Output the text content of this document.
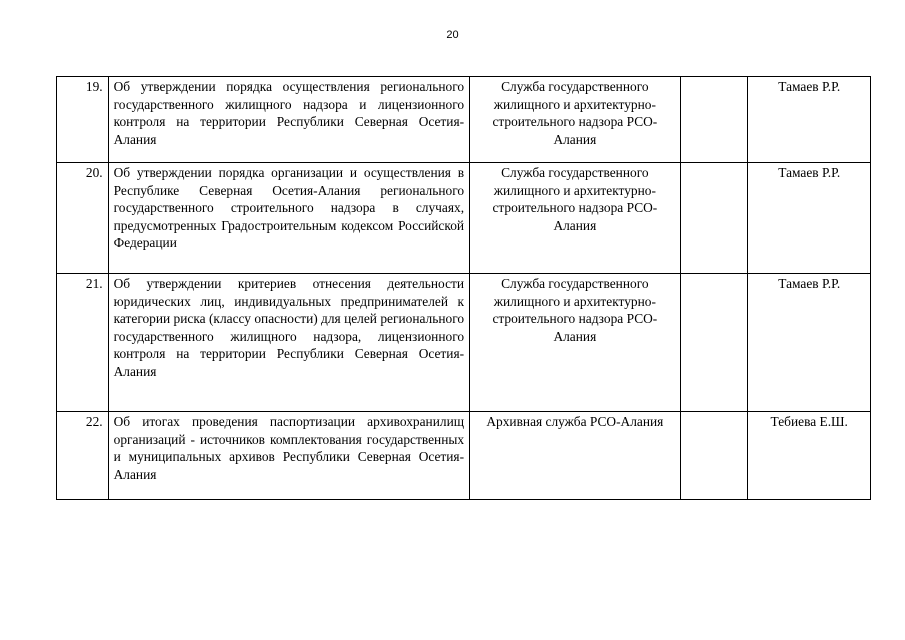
20
19.	Об утверждении порядка осуществления регионального государственного жилищного надзора и лицензионного контроля на территории Республики Северная Осетия-Алания	Служба государственного жилищного и архитектурно-строительного надзора РСО-Алания		Тамаев Р.Р.
20.	Об утверждении порядка организации и осуществления в Республике Северная Осетия-Алания регионального государственного строительного надзора в случаях, предусмотренных Градостроительным кодексом Российской Федерации	Служба государственного жилищного и архитектурно-строительного надзора РСО-Алания		Тамаев Р.Р.
21.	Об утверждении критериев отнесения деятельности юридических лиц, индивидуальных предпринимателей к категории риска (классу опасности) для целей регионального государственного жилищного надзора, лицензионного контроля на территории Республики Северная Осетия-Алания	Служба государственного жилищного и архитектурно-строительного надзора РСО-Алания		Тамаев Р.Р.
22.	Об итогах проведения паспортизации архивохранилищ организаций - источников комплектования государственных и муниципальных архивов Республики Северная Осетия-Алания	Архивная служба РСО-Алания		Тебиева Е.Ш.
